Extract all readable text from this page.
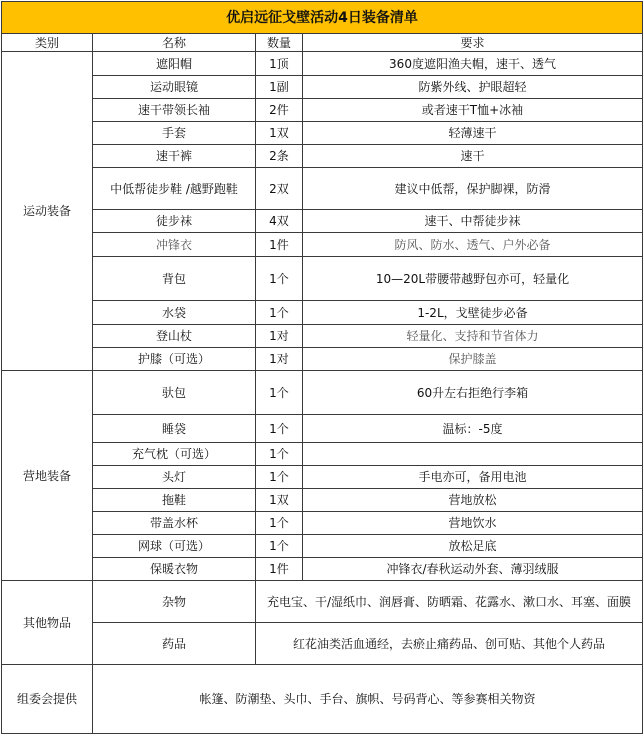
优启远征戈壁活动4日装备清单			
类别	名称	数量	要求
运动装备	遮阳帽	1顶	360度遮阳渔夫帽，速干、透气
	运动眼镜	1副	防紫外线、护眼超轻
	速干带领长袖	2件	或者速干T恤+冰袖
	手套	1双	轻薄速干
	速干裤	2条	速干
	中低帮徒步鞋 /越野跑鞋	2双	建议中低帮，保护脚裸，防滑
	徒步袜	4双	速干、中帮徒步袜
	冲锋衣	1件	防风、防水、透气、户外必备
	背包	1个	10—20L带腰带越野包亦可，轻量化
	水袋	1个	1-2L，戈壁徒步必备
	登山杖	1对	轻量化、支持和节省体力
	护膝（可选）	1对	保护膝盖
营地装备	驮包	1个	60升左右拒绝行李箱
	睡袋	1个	温标：-5度
	充气枕（可选）	1个	
	头灯	1个	手电亦可，备用电池
	拖鞋	1双	营地放松
	带盖水杯	1个	营地饮水
	网球（可选）	1个	放松足底
	保暖衣物	1件	冲锋衣/春秋运动外套、薄羽绒服
其他物品	杂物	充电宝、干/湿纸巾、润唇膏、防晒霜、花露水、漱口水、耳塞、面膜	
	药品	红花油类活血通经，去瘀止痛药品、创可贴、其他个人药品	
组委会提供	帐篷、防潮垫、头巾、手台、旗帜、号码背心、等参赛相关物资		
